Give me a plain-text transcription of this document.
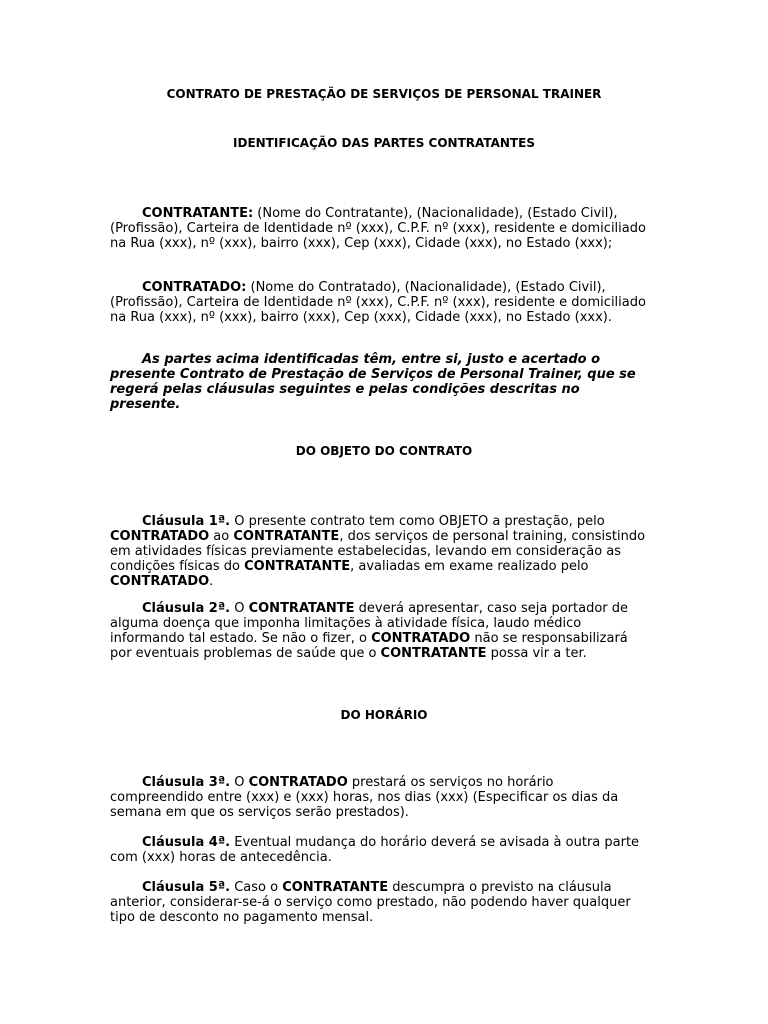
CONTRATO DE PRESTAÇÃO DE SERVIÇOS DE PERSONAL TRAINER
IDENTIFICAÇÃO DAS PARTES CONTRATANTES
CONTRATANTE: (Nome do Contratante), (Nacionalidade), (Estado Civil), (Profissão), Carteira de Identidade nº (xxx), C.P.F. nº (xxx), residente e domiciliado na Rua (xxx), nº (xxx), bairro (xxx), Cep (xxx), Cidade (xxx), no Estado (xxx);
CONTRATADO: (Nome do Contratado), (Nacionalidade), (Estado Civil), (Profissão), Carteira de Identidade nº (xxx), C.P.F. nº (xxx), residente e domiciliado na Rua (xxx), nº (xxx), bairro (xxx), Cep (xxx), Cidade (xxx), no Estado (xxx).
As partes acima identificadas têm, entre si, justo e acertado o presente Contrato de Prestação de Serviços de Personal Trainer, que se regerá pelas cláusulas seguintes e pelas condições descritas no presente.
DO OBJETO DO CONTRATO
Cláusula 1ª. O presente contrato tem como OBJETO a prestação, pelo CONTRATADO ao CONTRATANTE, dos serviços de personal training, consistindo em atividades físicas previamente estabelecidas, levando em consideração as condições físicas do CONTRATANTE, avaliadas em exame realizado pelo CONTRATADO.
Cláusula 2ª. O CONTRATANTE deverá apresentar, caso seja portador de alguma doença que imponha limitações à atividade física, laudo médico informando tal estado. Se não o fizer, o CONTRATADO não se responsabilizará por eventuais problemas de saúde que o CONTRATANTE possa vir a ter.
DO HORÁRIO
Cláusula 3ª. O CONTRATADO prestará os serviços no horário compreendido entre (xxx) e (xxx) horas, nos dias (xxx) (Especificar os dias da semana em que os serviços serão prestados).
Cláusula 4ª. Eventual mudança do horário deverá se avisada à outra parte com (xxx) horas de antecedência.
Cláusula 5ª. Caso o CONTRATANTE descumpra o previsto na cláusula anterior, considerar-se-á o serviço como prestado, não podendo haver qualquer tipo de desconto no pagamento mensal.
